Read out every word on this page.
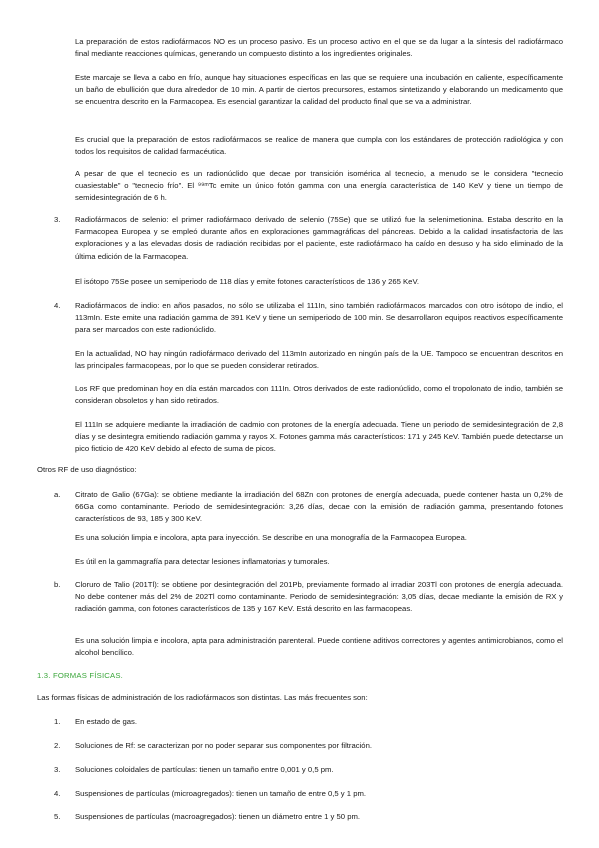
La preparación de estos radiofármacos NO es un proceso pasivo. Es un proceso activo en el que se da lugar a la síntesis del radiofármaco final mediante reacciones químicas, generando un compuesto distinto a los ingredientes originales.

Este marcaje se lleva a cabo en frío, aunque hay situaciones específicas en las que se requiere una incubación en caliente, específicamente un baño de ebullición que dura alrededor de 10 min. A partir de ciertos precursores, estamos sintetizando y elaborando un medicamento que se encuentra descrito en la Farmacopea. Es esencial garantizar la calidad del producto final que se va a administrar.

Es crucial que la preparación de estos radiofármacos se realice de manera que cumpla con los estándares de protección radiológica y con todos los requisitos de calidad farmacéutica.

A pesar de que el tecnecio es un radionúclido que decae por transición isomérica al tecnecio, a menudo se le considera "tecnecio cuasiestable" o "tecnecio frío". El ⁹⁹ᵐTc emite un único fotón gamma con una energía característica de 140 KeV y tiene un tiempo de semidesintegración de 6 h.

3. Radiofármacos de selenio: el primer radiofármaco derivado de selenio (75Se) que se utilizó fue la selenimetionina. Estaba descrito en la Farmacopea Europea y se empleó durante años en exploraciones gammagráficas del páncreas. Debido a la calidad insatisfactoria de las exploraciones y a las elevadas dosis de radiación recibidas por el paciente, este radiofármaco ha caído en desuso y ha sido eliminado de la última edición de la Farmacopea.

El isótopo 75Se posee un semiperiodo de 118 días y emite fotones característicos de 136 y 265 KeV.

4. Radiofármacos de indio: en años pasados, no sólo se utilizaba el 111In, sino también radiofármacos marcados con otro isótopo de indio, el 113mIn. Este emite una radiación gamma de 391 KeV y tiene un semiperiodo de 100 min. Se desarrollaron equipos reactivos específicamente para ser marcados con este radionúclido.

En la actualidad, NO hay ningún radiofármaco derivado del 113mIn autorizado en ningún país de la UE. Tampoco se encuentran descritos en las principales farmacopeas, por lo que se pueden considerar retirados.

Los RF que predominan hoy en día están marcados con 111In. Otros derivados de este radionúclido, como el tropolonato de indio, también se consideran obsoletos y han sido retirados.

El 111In se adquiere mediante la irradiación de cadmio con protones de la energía adecuada. Tiene un periodo de semidesintegración de 2,8 días y se desintegra emitiendo radiación gamma y rayos X. Fotones gamma más característicos: 171 y 245 KeV. También puede detectarse un pico ficticio de 420 KeV debido al efecto de suma de picos.

Otros RF de uso diagnóstico:

a. Citrato de Galio (67Ga): se obtiene mediante la irradiación del 68Zn con protones de energía adecuada, puede contener hasta un 0,2% de 66Ga como contaminante. Periodo de semidesintegración: 3,26 días, decae con la emisión de radiación gamma, presentando fotones característicos de 93, 185 y 300 KeV.

Es una solución limpia e incolora, apta para inyección. Se describe en una monografía de la Farmacopea Europea.

Es útil en la gammagrafía para detectar lesiones inflamatorias y tumorales.

b. Cloruro de Talio (201Tl): se obtiene por desintegración del 201Pb, previamente formado al irradiar 203Tl con protones de energía adecuada. No debe contener más del 2% de 202Tl como contaminante. Periodo de semidesintegración: 3,05 días, decae mediante la emisión de RX y radiación gamma, con fotones característicos de 135 y 167 KeV. Está descrito en las farmacopeas.

Es una solución limpia e incolora, apta para administración parenteral. Puede contiene aditivos correctores y agentes antimicrobianos, como el alcohol bencílico.

1.3. FORMAS FÍSICAS.

Las formas físicas de administración de los radiofármacos son distintas. Las más frecuentes son:

1. En estado de gas.
2. Soluciones de Rf: se caracterizan por no poder separar sus componentes por filtración.
3. Soluciones coloidales de partículas: tienen un tamaño entre 0,001 y 0,5 pm.
4. Suspensiones de partículas (microagregados): tienen un tamaño de entre 0,5 y 1 pm.
5. Suspensiones de partículas (macroagregados): tienen un diámetro entre 1 y 50 pm.
